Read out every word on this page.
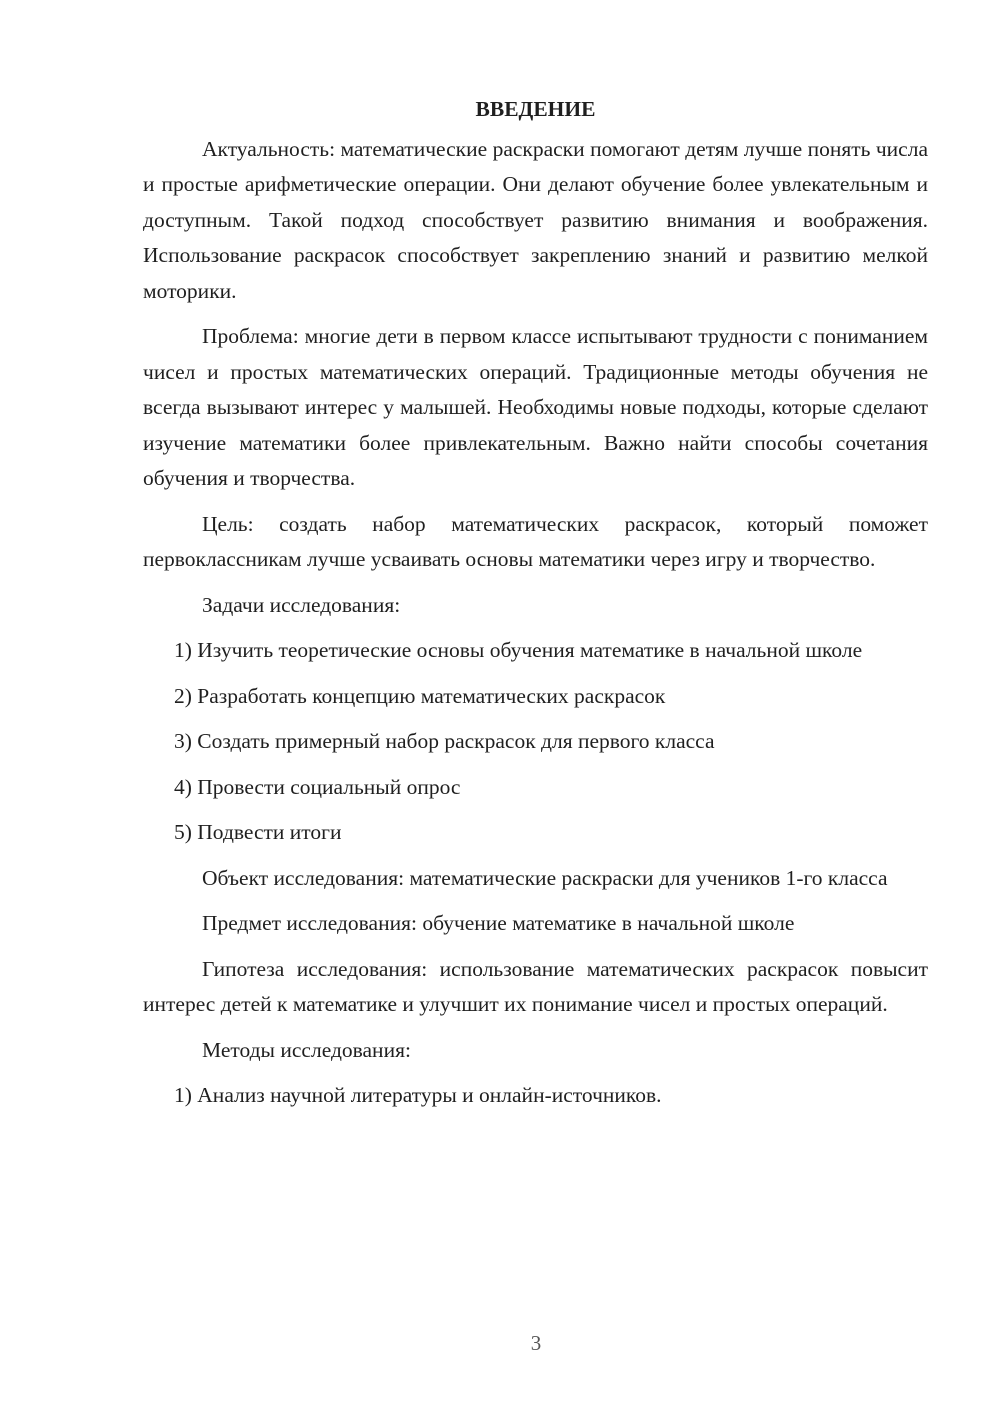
ВВЕДЕНИЕ

Актуальность: математические раскраски помогают детям лучше понять числа и простые арифметические операции. Они делают обучение более увлекательным и доступным. Такой подход способствует развитию внимания и воображения. Использование раскрасок способствует закреплению знаний и развитию мелкой моторики.

Проблема: многие дети в первом классе испытывают трудности с пониманием чисел и простых математических операций. Традиционные методы обучения не всегда вызывают интерес у малышей. Необходимы новые подходы, которые сделают изучение математики более привлекательным. Важно найти способы сочетания обучения и творчества.

Цель: создать набор математических раскрасок, который поможет первоклассникам лучше усваивать основы математики через игру и творчество.

Задачи исследования:

1) Изучить теоретические основы обучения математике в начальной школе

2) Разработать концепцию математических раскрасок

3) Создать примерный набор раскрасок для первого класса

4) Провести социальный опрос

5) Подвести итоги

Объект исследования: математические раскраски для учеников 1-го класса

Предмет исследования: обучение математике в начальной школе

Гипотеза исследования: использование математических раскрасок повысит интерес детей к математике и улучшит их понимание чисел и простых операций.

Методы исследования:

1) Анализ научной литературы и онлайн-источников.

3
